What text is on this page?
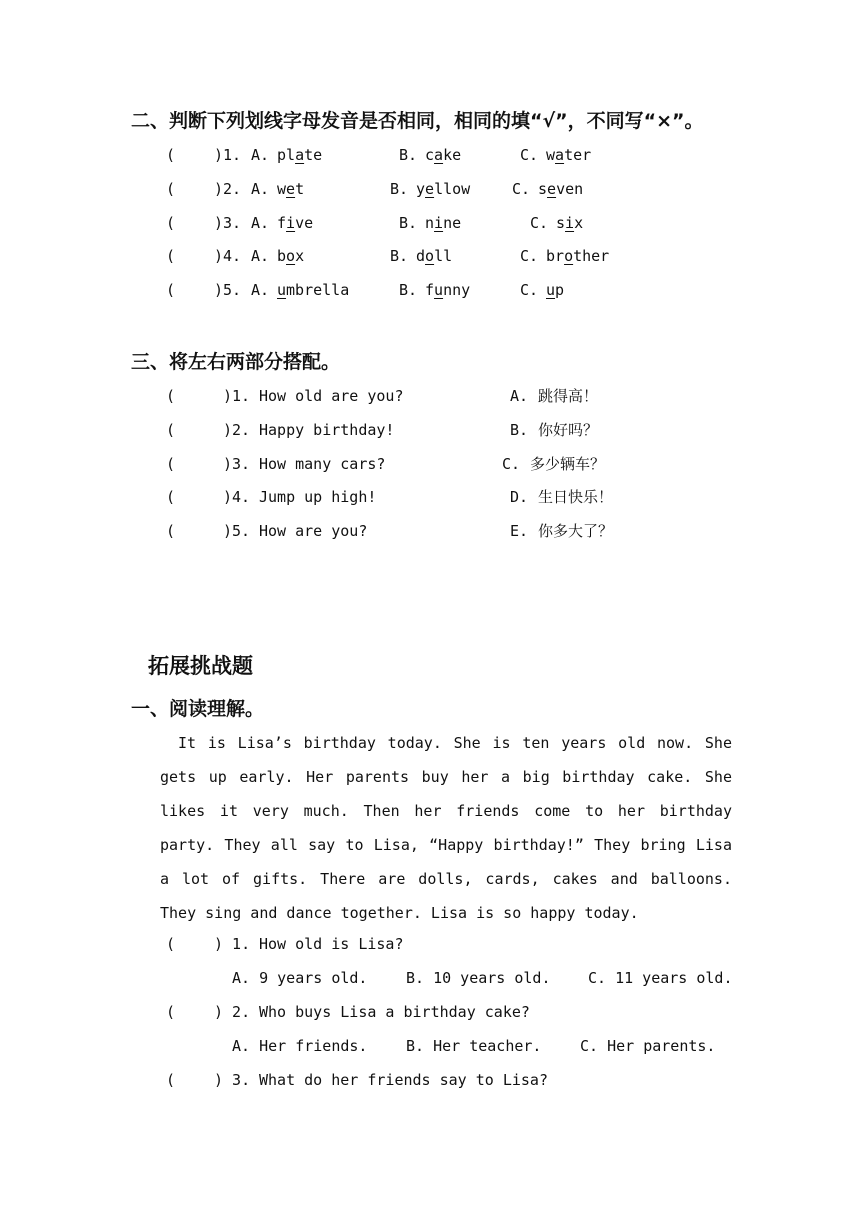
二、判断下列划线字母发音是否相同，相同的填“√”，不同写“×”。
(	)1. A. plate	B. cake	C. water
(	)2. A. wet	B. yellow	C. seven
(	)3. A. five	B. nine	C. six
(	)4. A. box	B. doll	C. brother
(	)5. A. umbrella	B. funny	C. up
三、将左右两部分搭配。
(	)1. How old are you?	A. 跳得高！
(	)2. Happy birthday!	B. 你好吗？
(	)3. How many cars?	C. 多少辆车？
(	)4. Jump up high!	D. 生日快乐！
(	)5. How are you?	E. 你多大了？
拓展挑战题
一、阅读理解。

It is Lisa’s birthday today. She is ten years old now. She gets up early. Her parents buy her a big birthday cake. She likes it very much. Then her friends come to her birthday party. They all say to Lisa, “Happy birthday!” They bring Lisa a lot of gifts. There are dolls, cards, cakes and balloons. They sing and dance together. Lisa is so happy today.

(	) 1. How old is Lisa?
A. 9 years old.	B. 10 years old.	C. 11 years old.
(	) 2. Who buys Lisa a birthday cake?
A. Her friends.	B. Her teacher.	C. Her parents.
(	) 3. What do her friends say to Lisa?
